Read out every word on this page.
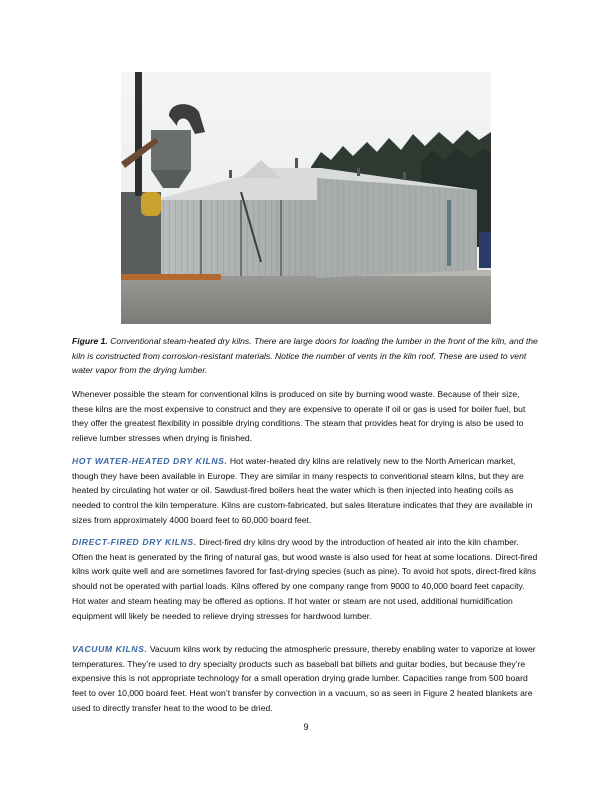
Figure 1. Conventional steam-heated dry kilns. There are large doors for loading the lumber in the front of the kiln, and the kiln is constructed from corrosion-resistant materials. Notice the number of vents in the kiln roof. These are used to vent water vapor from the drying lumber.
Whenever possible the steam for conventional kilns is produced on site by burning wood waste. Because of their size, these kilns are the most expensive to construct and they are expensive to operate if oil or gas is used for boiler fuel, but they offer the greatest flexibility in possible drying conditions. The steam that provides heat for drying is also be used to relieve lumber stresses when drying is finished.
HOT WATER-HEATED DRY KILNS. Hot water-heated dry kilns are relatively new to the North American market, though they have been available in Europe. They are similar in many respects to conventional steam kilns, but they are heated by circulating hot water or oil. Sawdust-fired boilers heat the water which is then injected into heating coils as needed to control the kiln temperature. Kilns are custom-fabricated, but sales literature indicates that they are available in sizes from approximately 4000 board feet to 60,000 board feet.
DIRECT-FIRED DRY KILNS. Direct-fired dry kilns dry wood by the introduction of heated air into the kiln chamber. Often the heat is generated by the firing of natural gas, but wood waste is also used for heat at some locations. Direct-fired kilns work quite well and are sometimes favored for fast-drying species (such as pine). To avoid hot spots, direct-fired kilns should not be operated with partial loads. Kilns offered by one company range from 9000 to 40,000 board feet capacity. Hot water and steam heating may be offered as options. If hot water or steam are not used, additional humidification equipment will likely be needed to relieve drying stresses for hardwood lumber.
VACUUM KILNS. Vacuum kilns work by reducing the atmospheric pressure, thereby enabling water to vaporize at lower temperatures. They’re used to dry specialty products such as baseball bat billets and guitar bodies, but because they’re expensive this is not appropriate technology for a small operation drying grade lumber. Capacities range from 500 board feet to over 10,000 board feet. Heat won’t transfer by convection in a vacuum, so as seen in Figure 2 heated blankets are used to directly transfer heat to the wood to be dried.
9
